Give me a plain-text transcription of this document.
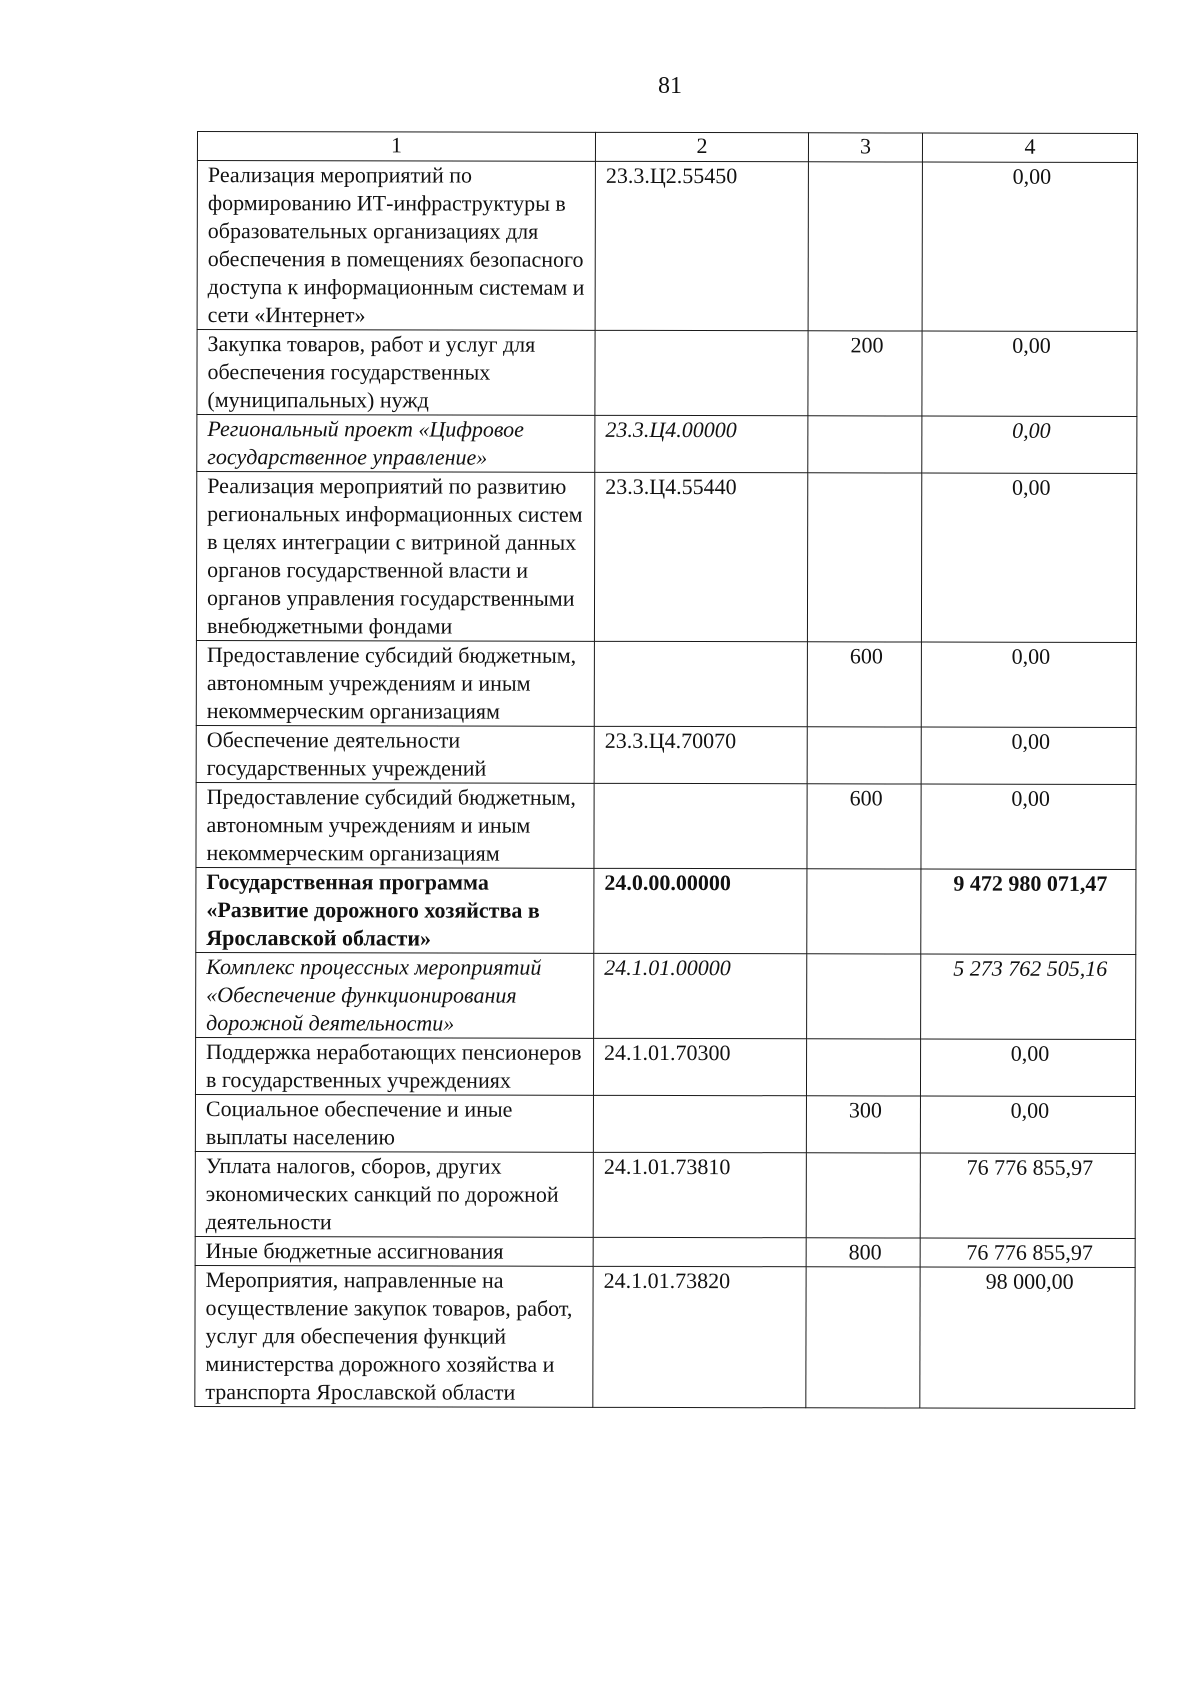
81
1	2	3	4
Реализация мероприятий по формированию ИТ-инфраструктуры в образовательных организациях для обеспечения в помещениях безопасного доступа к информационным системам и сети «Интернет»	23.3.Ц2.55450		0,00
Закупка товаров, работ и услуг для обеспечения государственных (муниципальных) нужд		200	0,00
Региональный проект «Цифровое государственное управление»	23.3.Ц4.00000		0,00
Реализация мероприятий по развитию региональных информационных систем в целях интеграции с витриной данных органов государственной власти и органов управления государственными внебюджетными фондами	23.3.Ц4.55440		0,00
Предоставление субсидий бюджетным, автономным учреждениям и иным некоммерческим организациям		600	0,00
Обеспечение деятельности государственных учреждений	23.3.Ц4.70070		0,00
Предоставление субсидий бюджетным, автономным учреждениям и иным некоммерческим организациям		600	0,00
Государственная программа «Развитие дорожного хозяйства в Ярославской области»	24.0.00.00000		9 472 980 071,47
Комплекс процессных мероприятий «Обеспечение функционирования дорожной деятельности»	24.1.01.00000		5 273 762 505,16
Поддержка неработающих пенсионеров в государственных учреждениях	24.1.01.70300		0,00
Социальное обеспечение и иные выплаты населению		300	0,00
Уплата налогов, сборов, других экономических санкций по дорожной деятельности	24.1.01.73810		76 776 855,97
Иные бюджетные ассигнования		800	76 776 855,97
Мероприятия, направленные на осуществление закупок товаров, работ, услуг для обеспечения функций министерства дорожного хозяйства и транспорта Ярославской области	24.1.01.73820		98 000,00
